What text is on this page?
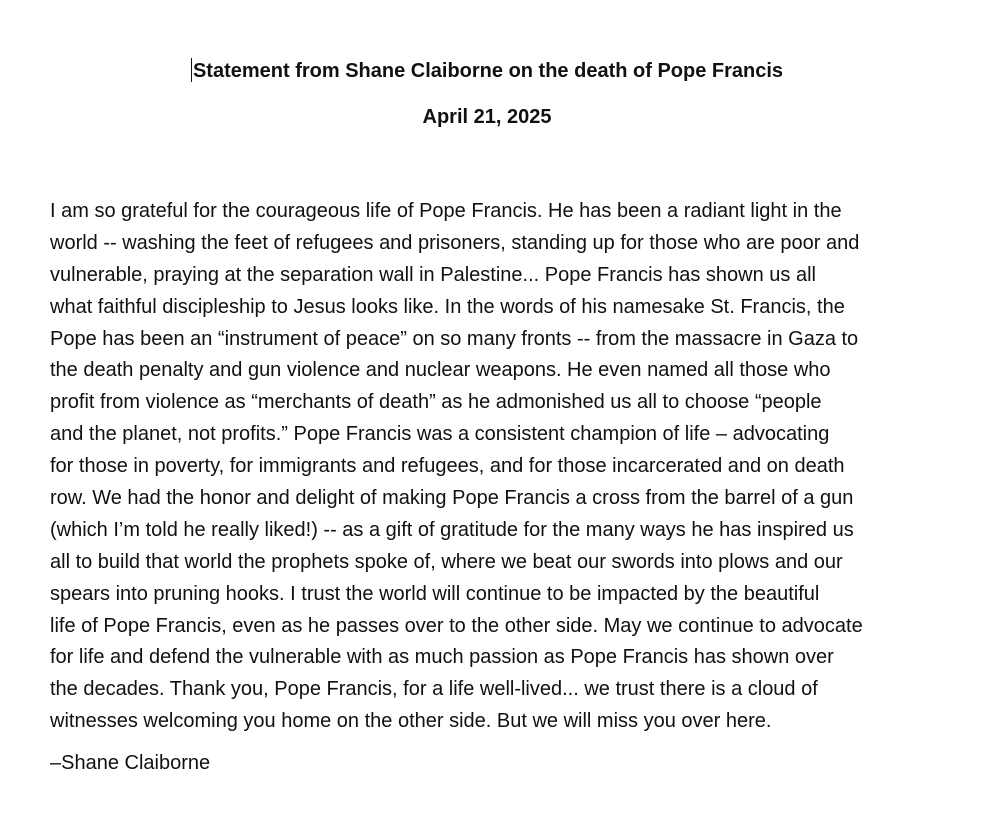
Statement from Shane Claiborne on the death of Pope Francis
April 21, 2025
I am so grateful for the courageous life of Pope Francis. He has been a radiant light in the
world -- washing the feet of refugees and prisoners, standing up for those who are poor and
vulnerable, praying at the separation wall in Palestine... Pope Francis has shown us all
what faithful discipleship to Jesus looks like. In the words of his namesake St. Francis, the
Pope has been an “instrument of peace” on so many fronts -- from the massacre in Gaza to
the death penalty and gun violence and nuclear weapons. He even named all those who
profit from violence as “merchants of death” as he admonished us all to choose “people
and the planet, not profits.” Pope Francis was a consistent champion of life – advocating
for those in poverty, for immigrants and refugees, and for those incarcerated and on death
row. We had the honor and delight of making Pope Francis a cross from the barrel of a gun
(which I’m told he really liked!) -- as a gift of gratitude for the many ways he has inspired us
all to build that world the prophets spoke of, where we beat our swords into plows and our
spears into pruning hooks. I trust the world will continue to be impacted by the beautiful
life of Pope Francis, even as he passes over to the other side. May we continue to advocate
for life and defend the vulnerable with as much passion as Pope Francis has shown over
the decades. Thank you, Pope Francis, for a life well-lived... we trust there is a cloud of
witnesses welcoming you home on the other side. But we will miss you over here.
–Shane Claiborne
